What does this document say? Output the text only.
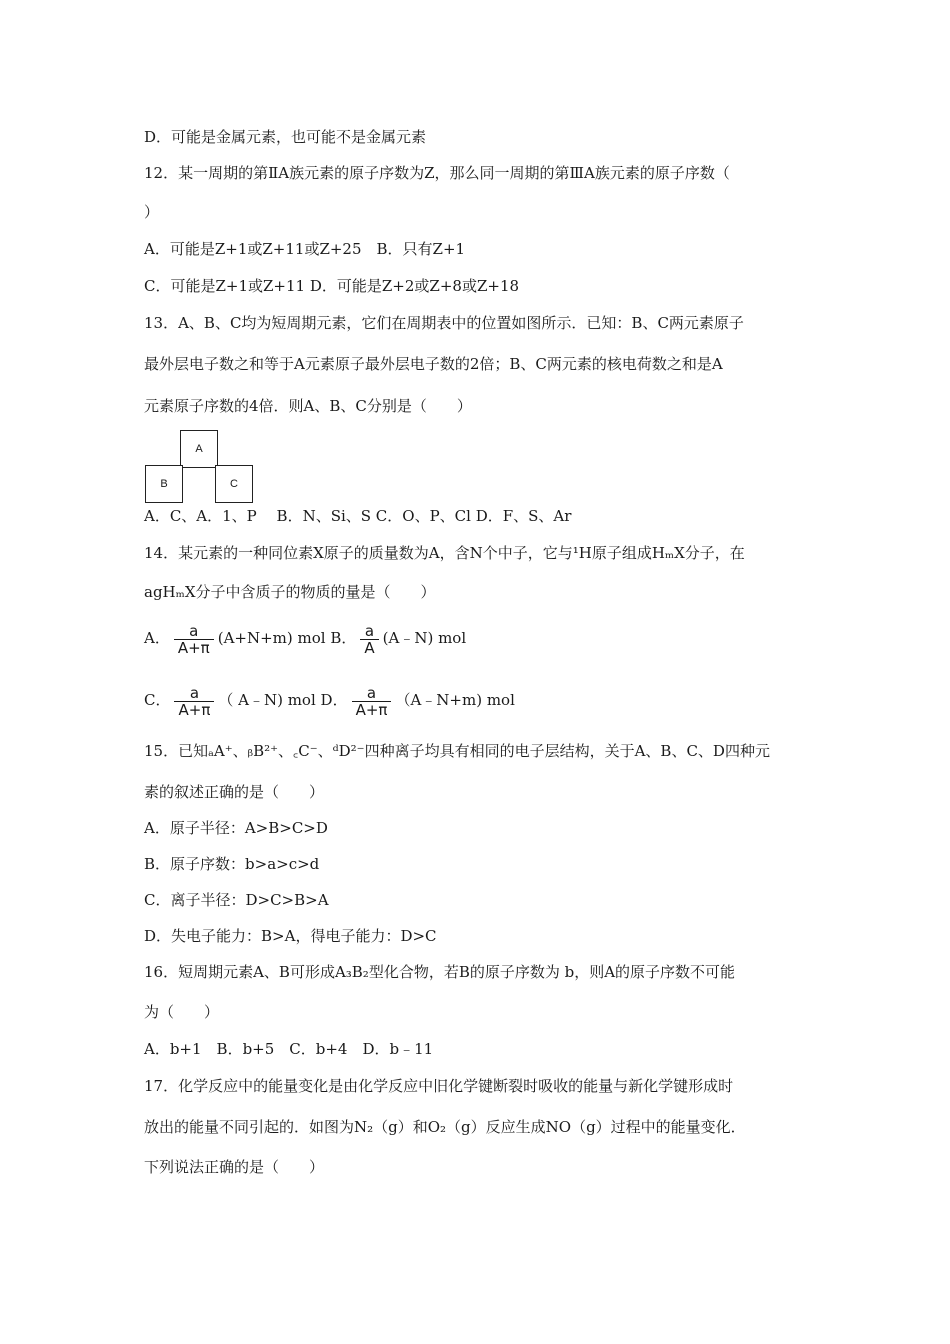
D．可能是金属元素，也可能不是金属元素
12．某一周期的第ⅡA族元素的原子序数为Z，那么同一周期的第ⅢA族元素的原子序数（
）
A．可能是Z+1或Z+11或Z+25　B．只有Z+1
C．可能是Z+1或Z+11 D．可能是Z+2或Z+8或Z+18
13．A、B、C均为短周期元素，它们在周期表中的位置如图所示．已知：B、C两元素原子
最外层电子数之和等于A元素原子最外层电子数的2倍；B、C两元素的核电荷数之和是A
元素原子序数的4倍．则A、B、C分别是（　　）
A
B	C
A．C、A．1、P　 B．N、Si、S C．O、P、Cl D．F、S、Ar
14．某元素的一种同位素X原子的质量数为A，含N个中子，它与¹H原子组成HₘX分子，在
agHₘX分子中含质子的物质的量是（　　）
A． $\frac{a}{A+\pi} (A+N+m)$ mol B． $\frac{a}{A}$ (A﹣N) mol
C． $\frac{a}{A+\pi}$ （ A﹣N) mol D． $\frac{a}{A+\pi}$ （A﹣N+m) mol
15．已知ₐA⁺、ᵦB²⁺、꜀C⁻、ᵈD²⁻四种离子均具有相同的电子层结构，关于A、B、C、D四种元
素的叙述正确的是（　　）
A．原子半径：A>B>C>D
B．原子序数：b>a>c>d
C．离子半径：D>C>B>A
D．失电子能力：B>A，得电子能力：D>C
16．短周期元素A、B可形成A₃B₂型化合物，若B的原子序数为 b，则A的原子序数不可能
为（　　）
A．b+1　B．b+5　C．b+4　D．b﹣11
17．化学反应中的能量变化是由化学反应中旧化学键断裂时吸收的能量与新化学键形成时
放出的能量不同引起的．如图为N₂（g）和O₂（g）反应生成NO（g）过程中的能量变化．
下列说法正确的是（　　）
